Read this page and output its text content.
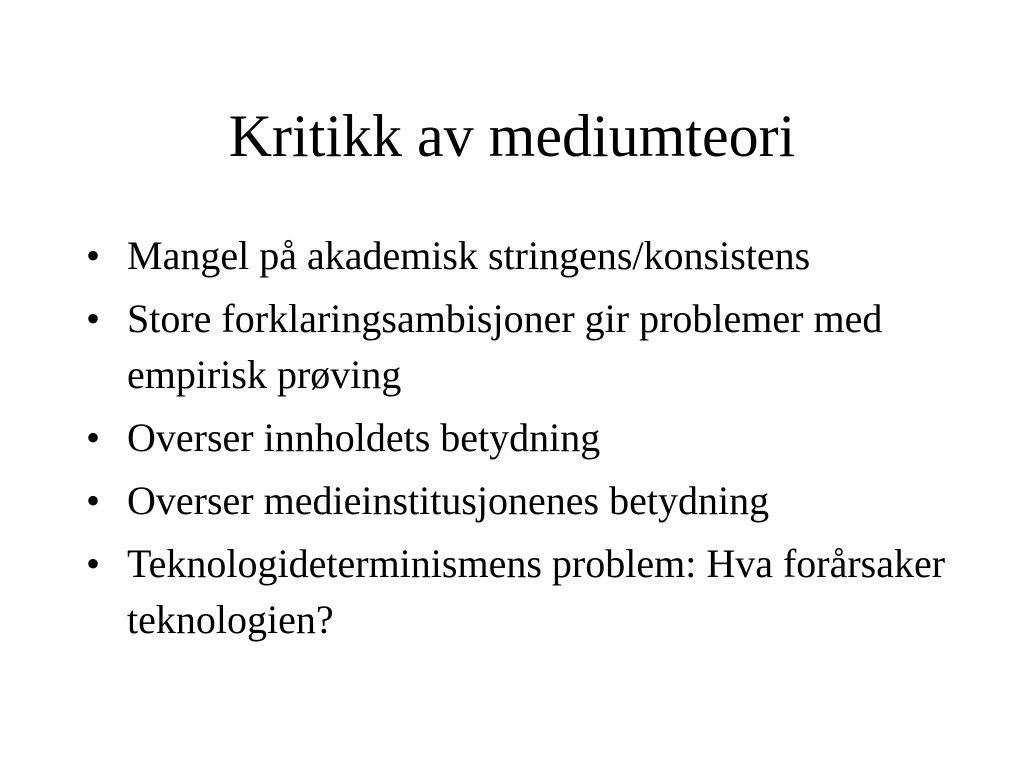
Kritikk av mediumteori
• Mangel på akademisk stringens/konsistens
• Store forklaringsambisjoner gir problemer med empirisk prøving
• Overser innholdets betydning
• Overser medieinstitusjonenes betydning
• Teknologideterminismens problem: Hva forårsaker teknologien?
